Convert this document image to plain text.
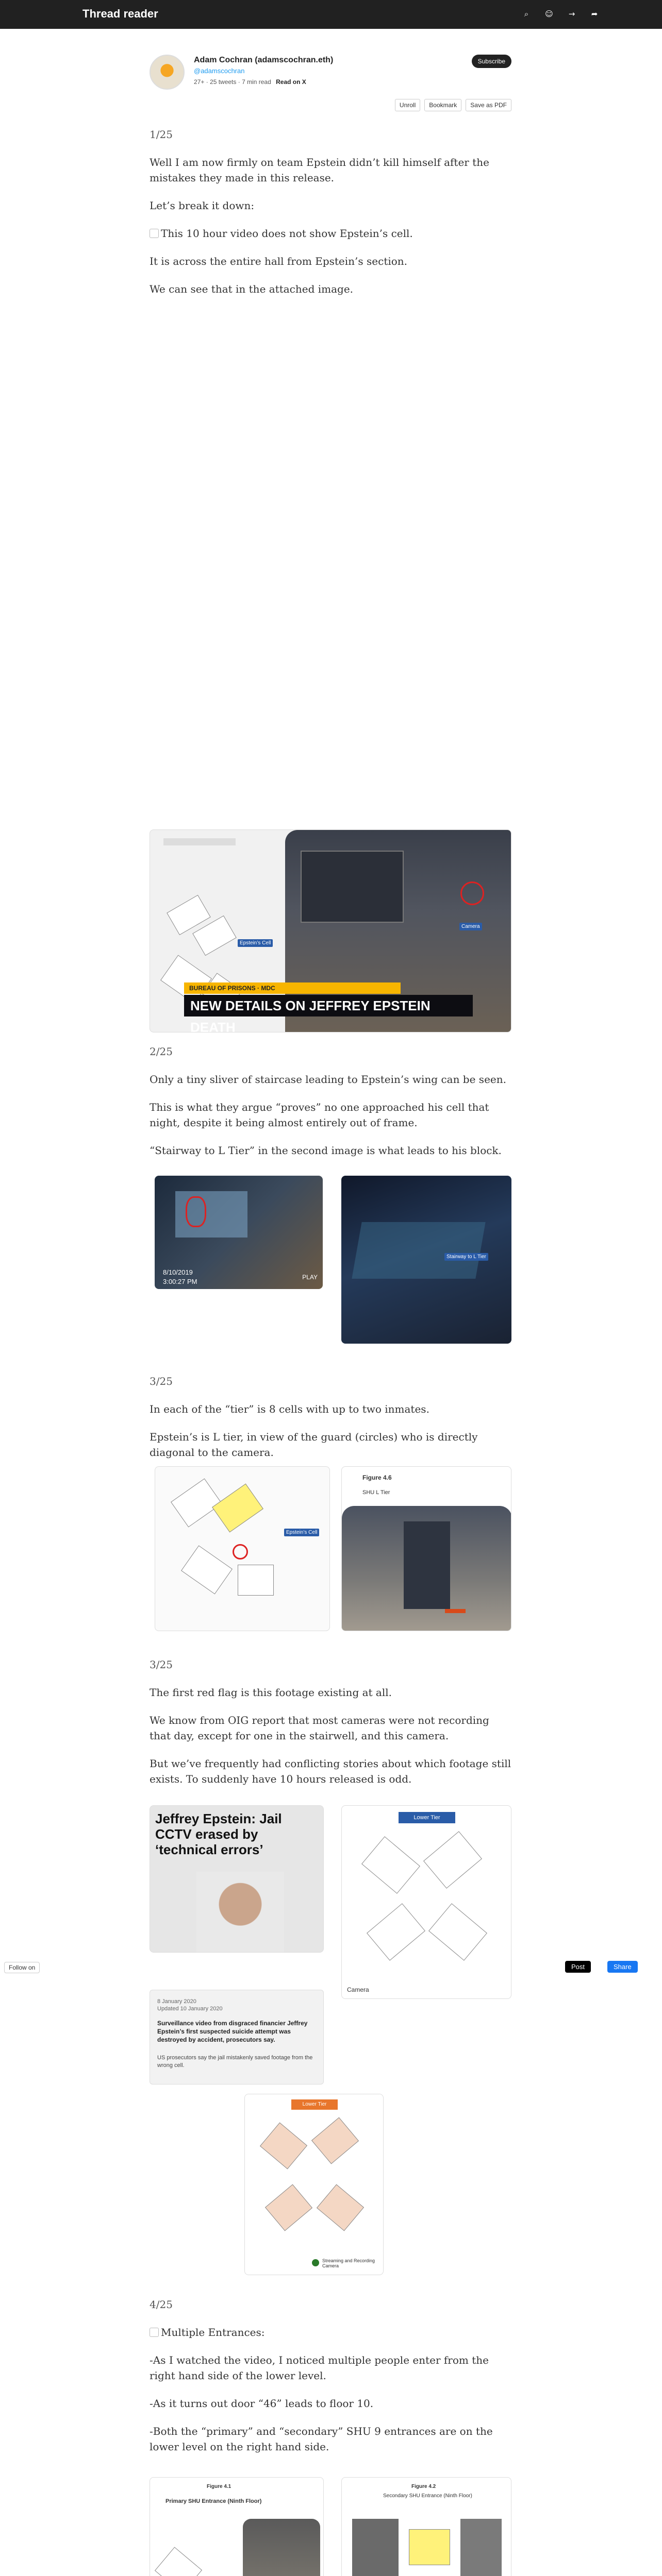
Thread reader	⌕	☺	→	➦
Adam Cochran (adamscochran.eth)
@adamscochran
27+ · 25 tweets · 7 min read Read on X
Subscribe
Unroll	Bookmark	Save as PDF

1/25

Well I am now firmly on team Epstein didn’t kill himself after the mistakes they made in this release.

Let’s break it down:

This 10 hour video does not show Epstein’s cell.

It is across the entire hall from Epstein’s section.

We can see that in the attached image.

Epstein’s Cell
Camera
BUREAU OF PRISONS · MDC
NEW DETAILS ON JEFFREY EPSTEIN DEATH

2/25

Only a tiny sliver of staircase leading to Epstein’s wing can be seen.

This is what they argue “proves” no one approached his cell that night, despite it being almost entirely out of frame.

“Stairway to L Tier” in the second image is what leads to his block.

8/10/2019
3:00:27 PM
PLAY
Stairway to L Tier

3/25

In each of the “tier” is 8 cells with up to two inmates.

Epstein’s is L tier, in view of the guard (circles) who is directly diagonal to the camera.

Epstein’s Cell
Figure 4.6
SHU L Tier

3/25

The first red flag is this footage existing at all.

We know from OIG report that most cameras were not recording that day, except for one in the stairwell, and this camera.

But we’ve frequently had conflicting stories about which footage still exists. To suddenly have 10 hours released is odd.

Jeffrey Epstein: Jail CCTV erased by ‘technical errors’
Lower Tier
Camera
Follow on	Post	Share
8 January 2020
Updated 10 January 2020
Surveillance video from disgraced financier Jeffrey Epstein’s first suspected suicide attempt was destroyed by accident, prosecutors say.
US prosecutors say the jail mistakenly saved footage from the wrong cell.
Lower Tier
Streaming and Recording Camera

4/25

Multiple Entrances:

-As I watched the video, I noticed multiple people enter from the right hand side of the lower level.

-As it turns out door “46” leads to floor 10.

-Both the “primary” and “secondary” SHU 9 entrances are on the lower level on the right hand side.

Figure 4.1
Primary SHU Entrance (Ninth Floor)
Figure 4.2
Secondary SHU Entrance (Ninth Floor)
